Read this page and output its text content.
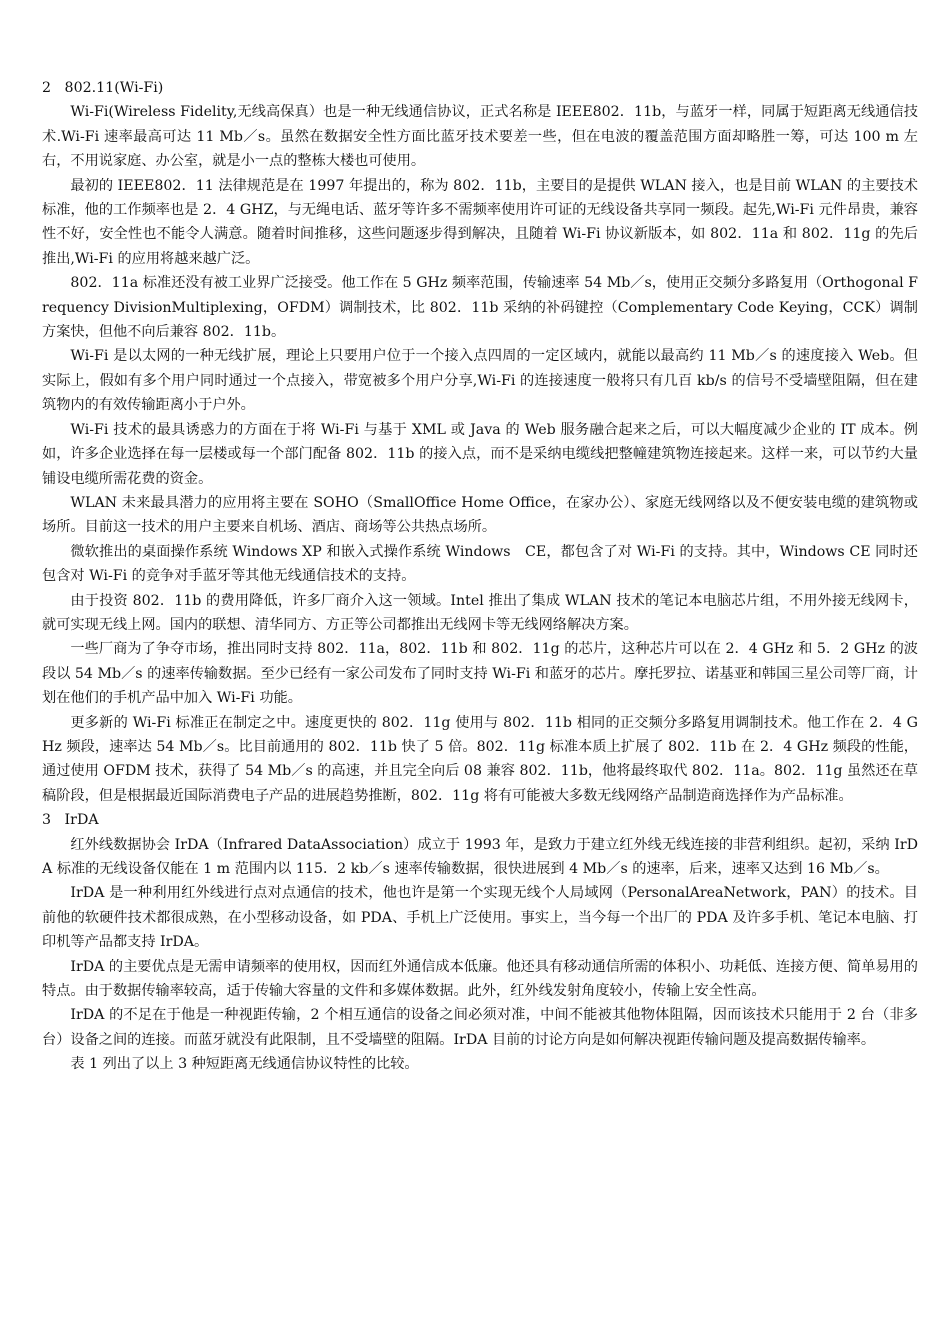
2   802.11(Wi-Fi)

Wi-Fi(Wireless Fidelity,无线高保真）也是一种无线通信协议，正式名称是 IEEE802．11b，与蓝牙一样，同属于短距离无线通信技术.Wi-Fi 速率最高可达 11 Mb／s。虽然在数据安全性方面比蓝牙技术要差一些，但在电波的覆盖范围方面却略胜一筹，可达 100 m 左右，不用说家庭、办公室，就是小一点的整栋大楼也可使用。

最初的 IEEE802．11 法律规范是在 1997 年提出的，称为 802．11b，主要目的是提供 WLAN 接入，也是目前 WLAN 的主要技术标准，他的工作频率也是 2．4 GHZ，与无绳电话、蓝牙等许多不需频率使用许可证的无线设备共享同一频段。起先,Wi-Fi 元件昂贵，兼容性不好，安全性也不能令人满意。随着时间推移，这些问题逐步得到解决，且随着 Wi-Fi 协议新版本，如 802．11a 和 802．11g 的先后推出,Wi-Fi 的应用将越来越广泛。

802．11a 标准还没有被工业界广泛接受。他工作在 5 GHz 频率范围，传输速率 54 Mb／s，使用正交频分多路复用（Orthogonal Frequency DivisionMultiplexing，OFDM）调制技术，比 802．11b 采纳的补码键控（Complementary Code Keying，CCK）调制方案快，但他不向后兼容 802．11b。

Wi-Fi 是以太网的一种无线扩展，理论上只要用户位于一个接入点四周的一定区域内，就能以最高约 11 Mb／s 的速度接入 Web。但实际上，假如有多个用户同时通过一个点接入，带宽被多个用户分享,Wi-Fi 的连接速度一般将只有几百 kb/s 的信号不受墙壁阻隔，但在建筑物内的有效传输距离小于户外。

Wi-Fi 技术的最具诱惑力的方面在于将 Wi-Fi 与基于 XML 或 Java 的 Web 服务融合起来之后，可以大幅度减少企业的 IT 成本。例如，许多企业选择在每一层楼或每一个部门配备 802．11b 的接入点，而不是采纳电缆线把整幢建筑物连接起来。这样一来，可以节约大量铺设电缆所需花费的资金。

WLAN 未来最具潜力的应用将主要在 SOHO（SmallOffice Home Office，在家办公）、家庭无线网络以及不便安装电缆的建筑物或场所。目前这一技术的用户主要来自机场、酒店、商场等公共热点场所。

微软推出的桌面操作系统 Windows XP 和嵌入式操作系统 Windows　CE，都包含了对 Wi-Fi 的支持。其中，Windows CE 同时还包含对 Wi-Fi 的竞争对手蓝牙等其他无线通信技术的支持。

由于投资 802．11b 的费用降低，许多厂商介入这一领域。Intel 推出了集成 WLAN 技术的笔记本电脑芯片组，不用外接无线网卡，就可实现无线上网。国内的联想、清华同方、方正等公司都推出无线网卡等无线网络解决方案。

一些厂商为了争夺市场，推出同时支持 802．11a，802．11b 和 802．11g 的芯片，这种芯片可以在 2．4 GHz 和 5．2 GHz 的波段以 54 Mb／s 的速率传输数据。至少已经有一家公司发布了同时支持 Wi-Fi 和蓝牙的芯片。摩托罗拉、诺基亚和韩国三星公司等厂商，计划在他们的手机产品中加入 Wi-Fi 功能。

更多新的 Wi-Fi 标准正在制定之中。速度更快的 802．11g 使用与 802．11b 相同的正交频分多路复用调制技术。他工作在 2．4 GHz 频段，速率达 54 Mb／s。比目前通用的 802．11b 快了 5 倍。802．11g 标准本质上扩展了 802．11b 在 2．4 GHz 频段的性能，通过使用 OFDM 技术，获得了 54 Mb／s 的高速，并且完全向后 08 兼容 802．11b，他将最终取代 802．11a。802．11g 虽然还在草稿阶段，但是根据最近国际消费电子产品的进展趋势推断，802．11g 将有可能被大多数无线网络产品制造商选择作为产品标准。

3   IrDA

红外线数据协会 IrDA（Infrared DataAssociation）成立于 1993 年，是致力于建立红外线无线连接的非营利组织。起初，采纳 IrDA 标准的无线设备仅能在 1 m 范围内以 115．2 kb／s 速率传输数据，很快进展到 4 Mb／s 的速率，后来，速率又达到 16 Mb／s。

IrDA 是一种利用红外线进行点对点通信的技术，他也许是第一个实现无线个人局域网（PersonalAreaNetwork，PAN）的技术。目前他的软硬件技术都很成熟，在小型移动设备，如 PDA、手机上广泛使用。事实上，当今每一个出厂的 PDA 及许多手机、笔记本电脑、打印机等产品都支持 IrDA。

IrDA 的主要优点是无需申请频率的使用权，因而红外通信成本低廉。他还具有移动通信所需的体积小、功耗低、连接方便、简单易用的特点。由于数据传输率较高，适于传输大容量的文件和多媒体数据。此外，红外线发射角度较小，传输上安全性高。

IrDA 的不足在于他是一种视距传输，2 个相互通信的设备之间必须对准，中间不能被其他物体阻隔，因而该技术只能用于 2 台（非多台）设备之间的连接。而蓝牙就没有此限制，且不受墙壁的阻隔。IrDA 目前的讨论方向是如何解决视距传输问题及提高数据传输率。

表 1 列出了以上 3 种短距离无线通信协议特性的比较。
